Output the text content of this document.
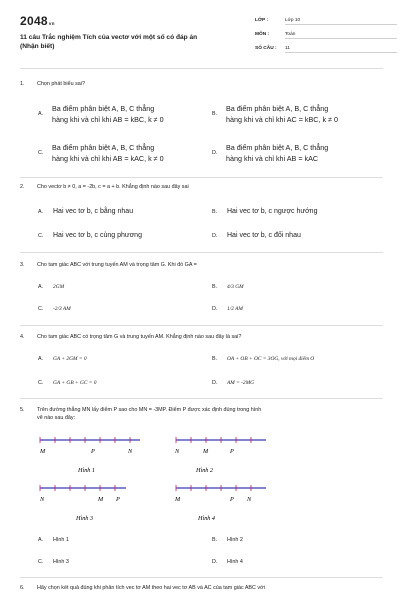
2048vn
11 câu Trắc nghiệm Tích của vectơ với một số có đáp án
(Nhận biết)
LỚP :	Lớp 10
MÔN :	Toán
SỐ CÂU : 11
1. Chọn phát biểu sai?
A.
Ba điểm phân biệt A, B, C thẳng
hàng khi và chỉ khi AB = kBC, k ≠ 0
B.
Ba điểm phân biệt A, B, C thẳng
hàng khi và chỉ khi AC = kBC, k ≠ 0
C.
Ba điểm phân biệt A, B, C thẳng
hàng khi và chỉ khi AB = kAC, k ≠ 0
D.
Ba điểm phân biệt A, B, C thẳng
hàng khi và chỉ khi AB = kAC
2. Cho vectơ b ≠ 0, a = -2b, c = a + b. Khẳng định nào sau đây sai
A. Hai vec tơ b, c bằng nhau	B. Hai vec tơ b, c ngược hướng
C. Hai vec tơ b, c cùng phương	D. Hai vec tơ b, c đối nhau
3. Cho tam giác ABC với trung tuyến AM và trọng tâm G. Khi đó GA =
A. 2GM	B. 4/3 GM
C. -2/3 AM	D. 1/2 AM
4. Cho tam giác ABC có trọng tâm G và trung tuyến AM. Khẳng định nào sau đây là sai?
A. GA + 2GM = 0	B. OA + OB + OC = 3OG, với mọi điểm O
C. GA + GB + GC = 0	D. AM = -2MG
5. Trên đường thẳng MN lấy điểm P sao cho MN = -3MP. Điểm P được xác định đúng trong hình
vẽ nào sau đây:
M	P	N
Hình 1
N	M	P
Hình 2
N	M P
Hình 3
M	P N
Hình 4
A. Hình 1	B. Hình 2
C. Hình 3	D. Hình 4
6. Hãy chọn kết quả đúng khi phân tích vec tơ AM theo hai vec tơ AB và AC của tam giác ABC với
